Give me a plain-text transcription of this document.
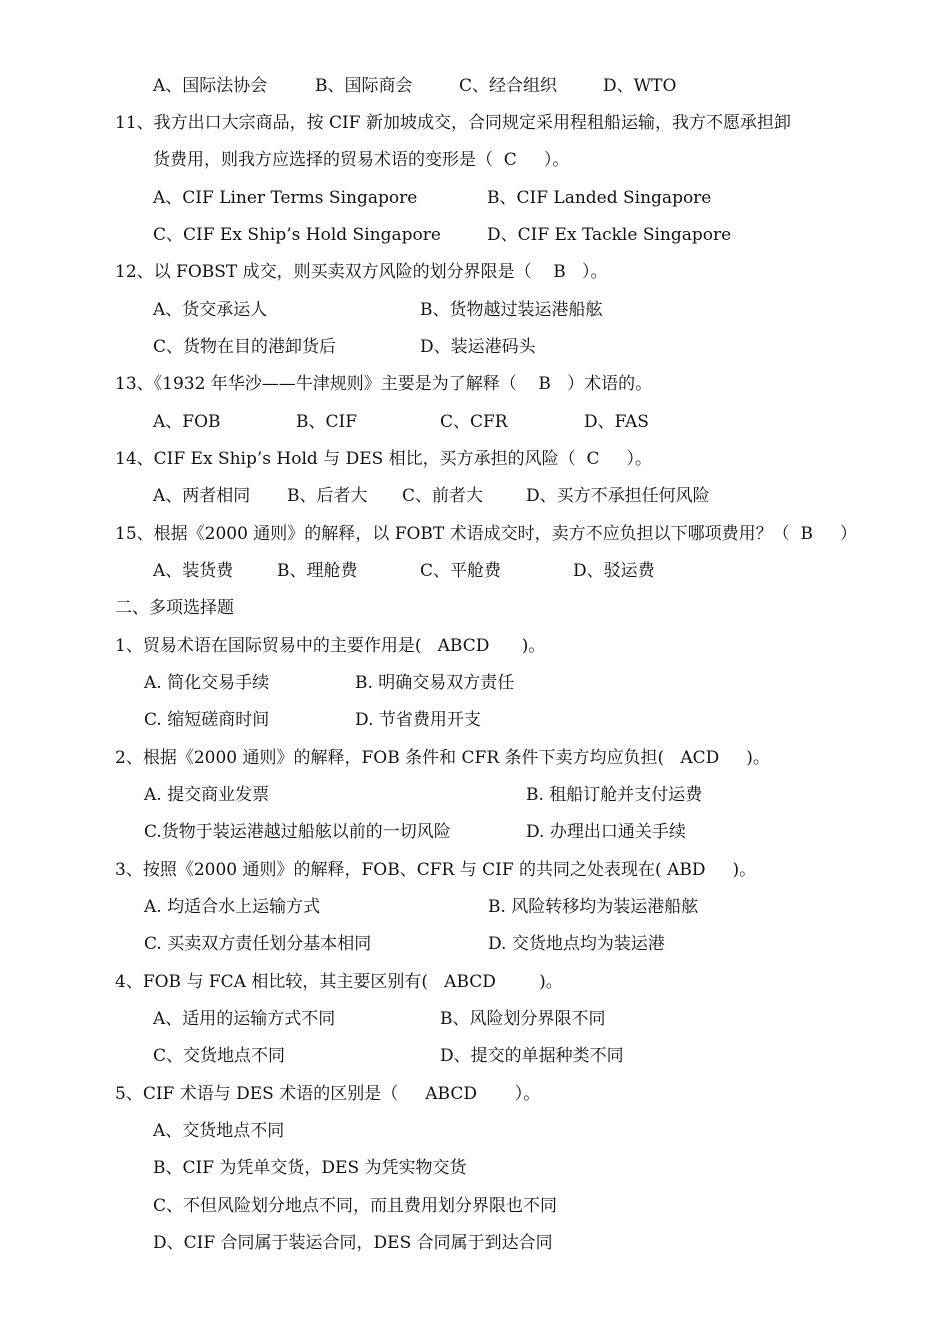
A、国际法协会	B、国际商会	C、经合组织	D、WTO
11、我方出口大宗商品，按 CIF 新加坡成交，合同规定采用程租船运输，我方不愿承担卸
货费用，则我方应选择的贸易术语的变形是（  C     ）。
A、CIF Liner Terms Singapore	B、CIF Landed Singapore
C、CIF Ex Ship’s Hold Singapore	D、CIF Ex Tackle Singapore
12、以 FOBST 成交，则买卖双方风险的划分界限是（    B   ）。
A、货交承运人	B、货物越过装运港船舷
C、货物在目的港卸货后	D、装运港码头
13、《1932 年华沙——牛津规则》主要是为了解释（    B   ）术语的。
A、FOB	B、CIF	C、CFR	D、FAS
14、CIF Ex Ship’s Hold 与 DES 相比，买方承担的风险（  C     ）。
A、两者相同 B、后者大 C、前者大	D、买方不承担任何风险
15、根据《2000 通则》的解释，以 FOBT 术语成交时，卖方不应负担以下哪项费用？（  B     ）
A、装货费	B、理舱费	C、平舱费	D、驳运费
二、多项选择题
1、贸易术语在国际贸易中的主要作用是(   ABCD      )。
A. 简化交易手续	B. 明确交易双方责任
C. 缩短磋商时间	D. 节省费用开支
2、根据《2000 通则》的解释，FOB 条件和 CFR 条件下卖方均应负担(   ACD     )。
A. 提交商业发票	B. 租船订舱并支付运费
C.货物于装运港越过船舷以前的一切风险	D. 办理出口通关手续
3、按照《2000 通则》的解释，FOB、CFR 与 CIF 的共同之处表现在( ABD     )。
A. 均适合水上运输方式	B. 风险转移均为装运港船舷
C. 买卖双方责任划分基本相同	D. 交货地点均为装运港
4、FOB 与 FCA 相比较，其主要区别有(   ABCD        )。
A、适用的运输方式不同	B、风险划分界限不同
C、交货地点不同	D、提交的单据种类不同
5、CIF 术语与 DES 术语的区别是（     ABCD       ）。
A、交货地点不同
B、CIF 为凭单交货，DES 为凭实物交货
C、不但风险划分地点不同，而且费用划分界限也不同
D、CIF 合同属于装运合同，DES 合同属于到达合同
